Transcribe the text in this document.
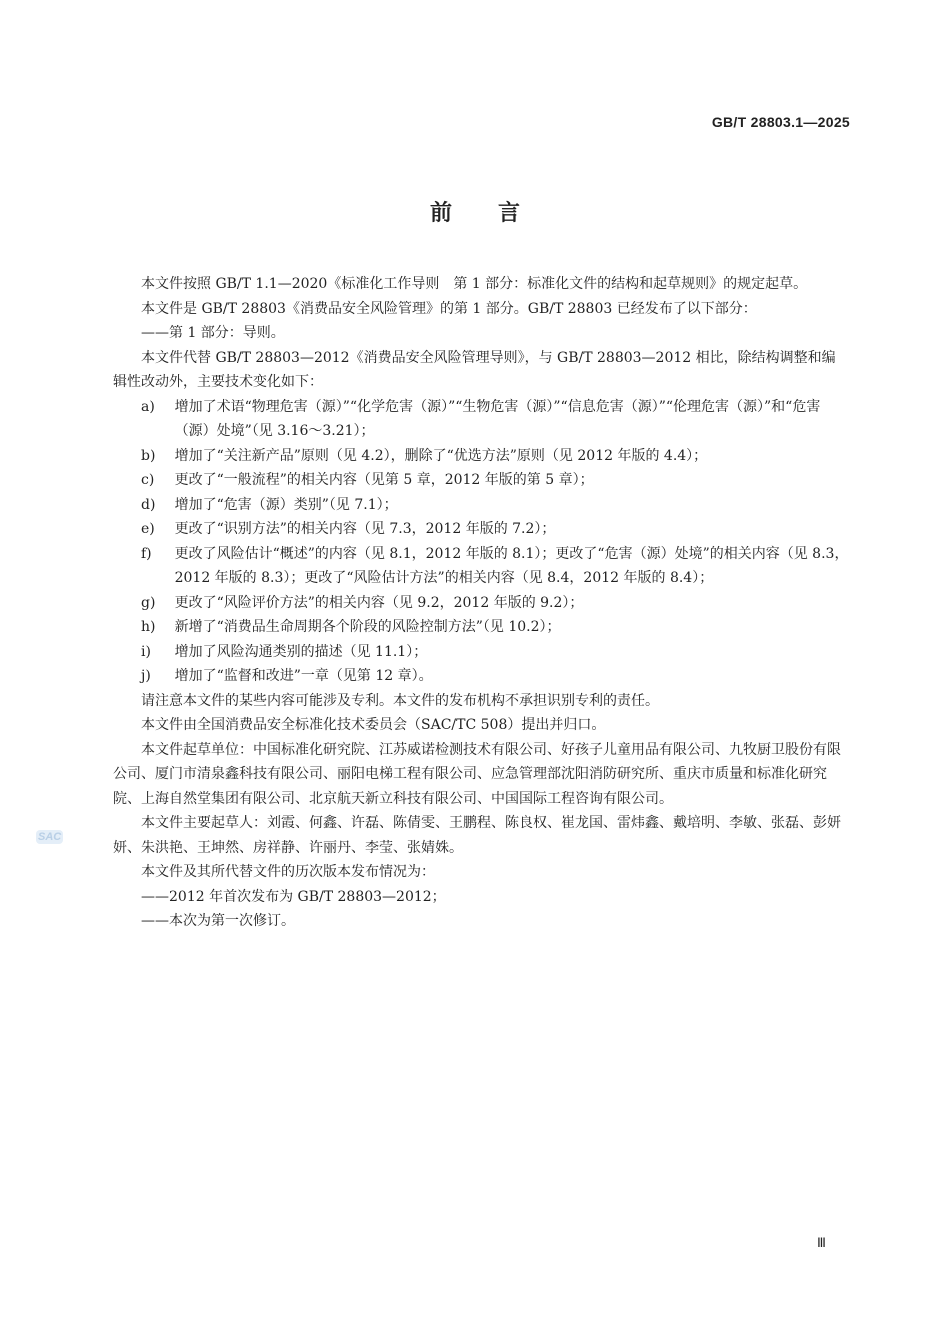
GB/T 28803.1—2025
前言

本文件按照 GB/T 1.1—2020《标准化工作导则　第 1 部分：标准化文件的结构和起草规则》的规定起草。

本文件是 GB/T 28803《消费品安全风险管理》的第 1 部分。GB/T 28803 已经发布了以下部分：

——第 1 部分：导则。

本文件代替 GB/T 28803—2012《消费品安全风险管理导则》，与 GB/T 28803—2012 相比，除结构调整和编辑性改动外，主要技术变化如下：

a)	增加了术语“物理危害（源）”“化学危害（源）”“生物危害（源）”“信息危害（源）”“伦理危害（源）”和“危害（源）处境”（见 3.16～3.21）；
b)	增加了“关注新产品”原则（见 4.2），删除了“优选方法”原则（见 2012 年版的 4.4）；
c)	更改了“一般流程”的相关内容（见第 5 章，2012 年版的第 5 章）；
d)	增加了“危害（源）类别”（见 7.1）；
e)	更改了“识别方法”的相关内容（见 7.3，2012 年版的 7.2）；
f)	更改了风险估计“概述”的内容（见 8.1，2012 年版的 8.1）；更改了“危害（源）处境”的相关内容（见 8.3，2012 年版的 8.3）；更改了“风险估计方法”的相关内容（见 8.4，2012 年版的 8.4）；
g)	更改了“风险评价方法”的相关内容（见 9.2，2012 年版的 9.2）；
h)	新增了“消费品生命周期各个阶段的风险控制方法”（见 10.2）；
i)	增加了风险沟通类别的描述（见 11.1）；
j)	增加了“监督和改进”一章（见第 12 章）。

请注意本文件的某些内容可能涉及专利。本文件的发布机构不承担识别专利的责任。

本文件由全国消费品安全标准化技术委员会（SAC/TC 508）提出并归口。

本文件起草单位：中国标准化研究院、江苏威诺检测技术有限公司、好孩子儿童用品有限公司、九牧厨卫股份有限公司、厦门市清泉鑫科技有限公司、丽阳电梯工程有限公司、应急管理部沈阳消防研究所、重庆市质量和标准化研究院、上海自然堂集团有限公司、北京航天新立科技有限公司、中国国际工程咨询有限公司。

本文件主要起草人：刘霞、何鑫、许磊、陈倩雯、王鹏程、陈良权、崔龙国、雷炜鑫、戴培明、李敏、张磊、彭妍妍、朱洪艳、王坤然、房祥静、许丽丹、李莹、张婧姝。

本文件及其所代替文件的历次版本发布情况为：

——2012 年首次发布为 GB/T 28803—2012；

——本次为第一次修订。

SAC
Ⅲ
